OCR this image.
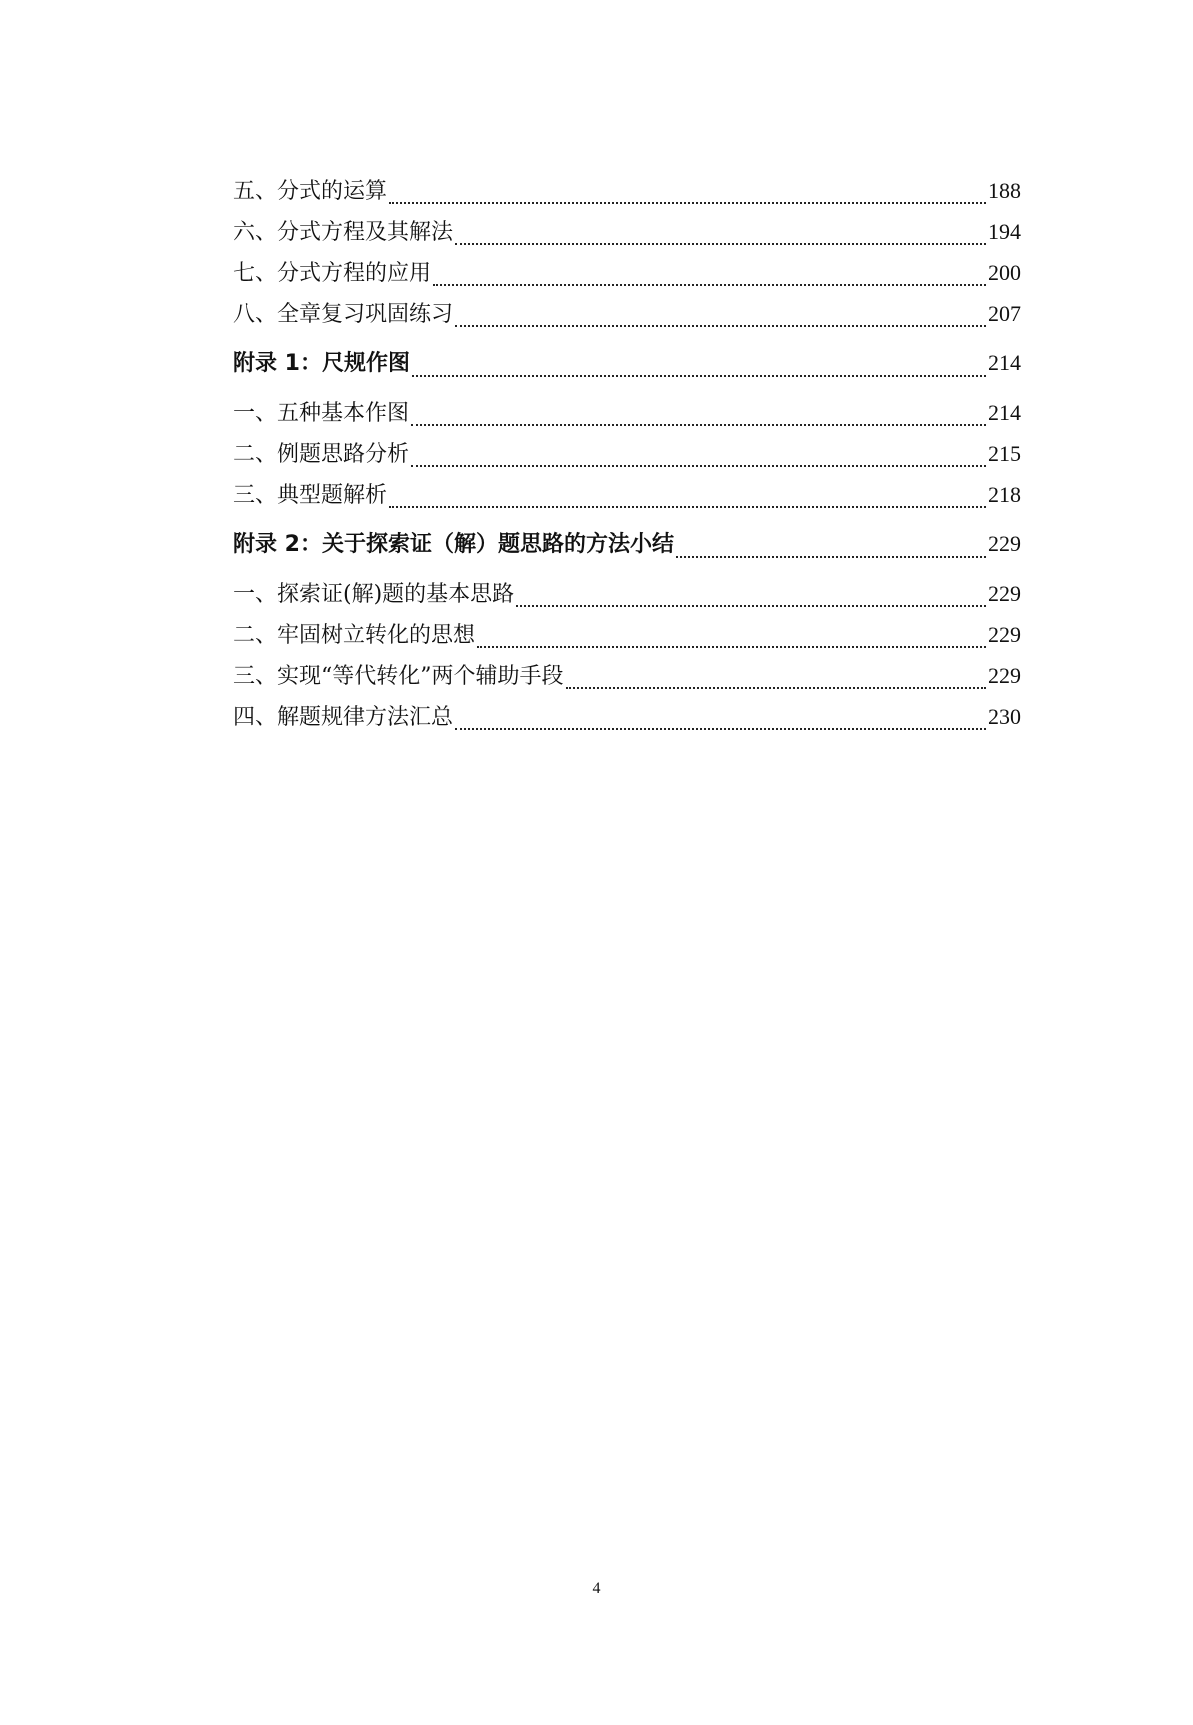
五、分式的运算	188
六、分式方程及其解法	194
七、分式方程的应用	200
八、全章复习巩固练习	207
附录 1：尺规作图	214
一、五种基本作图	214
二、例题思路分析	215
三、典型题解析	218
附录 2：关于探索证（解）题思路的方法小结	229
一、探索证(解)题的基本思路	229
二、牢固树立转化的思想	229
三、实现“等代转化”两个辅助手段	229
四、解题规律方法汇总	230
4
